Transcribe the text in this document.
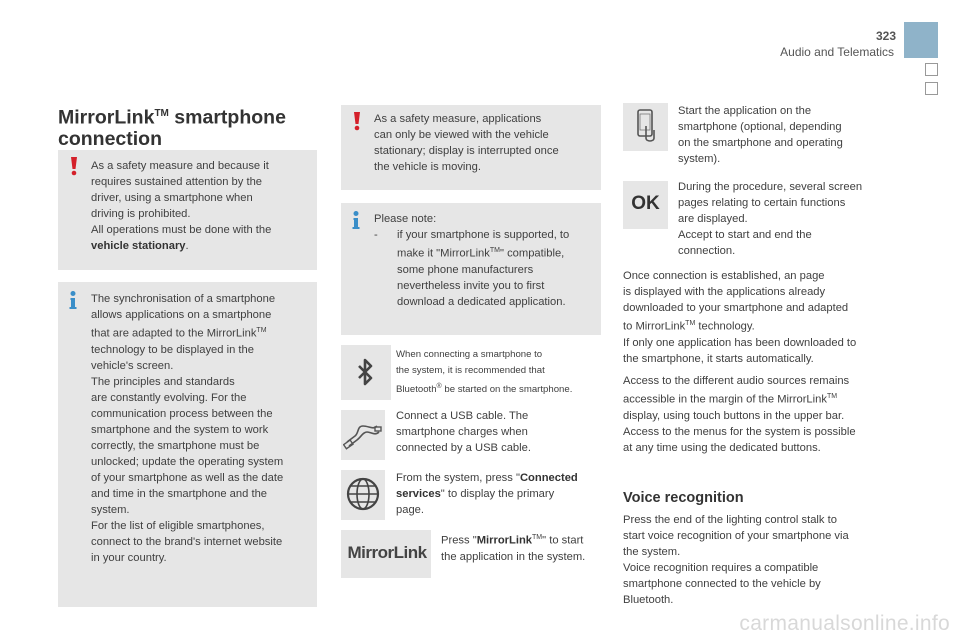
323
Audio and Telematics
MirrorLink™ smartphone
connection
As a safety measure and because it
requires sustained attention by the
driver, using a smartphone when
driving is prohibited.
All operations must be done with the vehicle stationary.
The synchronisation of a smartphone
allows applications on a smartphone
that are adapted to the MirrorLink™
technology to be displayed in the
vehicle's screen.
The principles and standards
are constantly evolving. For the
communication process between the
smartphone and the system to work
correctly, the smartphone must be
unlocked; update the operating system
of your smartphone as well as the date
and time in the smartphone and the
system.
For the list of eligible smartphones,
connect to the brand's internet website
in your country.
As a safety measure, applications
can only be viewed with the vehicle
stationary; display is interrupted once
the vehicle is moving.
Please note:
-	if your smartphone is supported, to
make it "MirrorLink™" compatible,
some phone manufacturers
nevertheless invite you to first
download a dedicated application.
When connecting a smartphone to
the system, it is recommended that
Bluetooth® be started on the smartphone.
Connect a USB cable. The
smartphone charges when
connected by a USB cable.
From the system, press "Connected
services" to display the primary
page.
MirrorLink
Press "MirrorLink™" to start
the application in the system.
Start the application on the
smartphone (optional, depending
on the smartphone and operating
system).
OK
During the procedure, several screen
pages relating to certain functions
are displayed.
Accept to start and end the
connection.
Once connection is established, an page
is displayed with the applications already
downloaded to your smartphone and adapted
to MirrorLink™ technology.
If only one application has been downloaded to
the smartphone, it starts automatically.
Access to the different audio sources remains
accessible in the margin of the MirrorLink™
display, using touch buttons in the upper bar.
Access to the menus for the system is possible
at any time using the dedicated buttons.
Voice recognition
Press the end of the lighting control stalk to
start voice recognition of your smartphone via
the system.
Voice recognition requires a compatible
smartphone connected to the vehicle by
Bluetooth.
carmanualsonline.info
